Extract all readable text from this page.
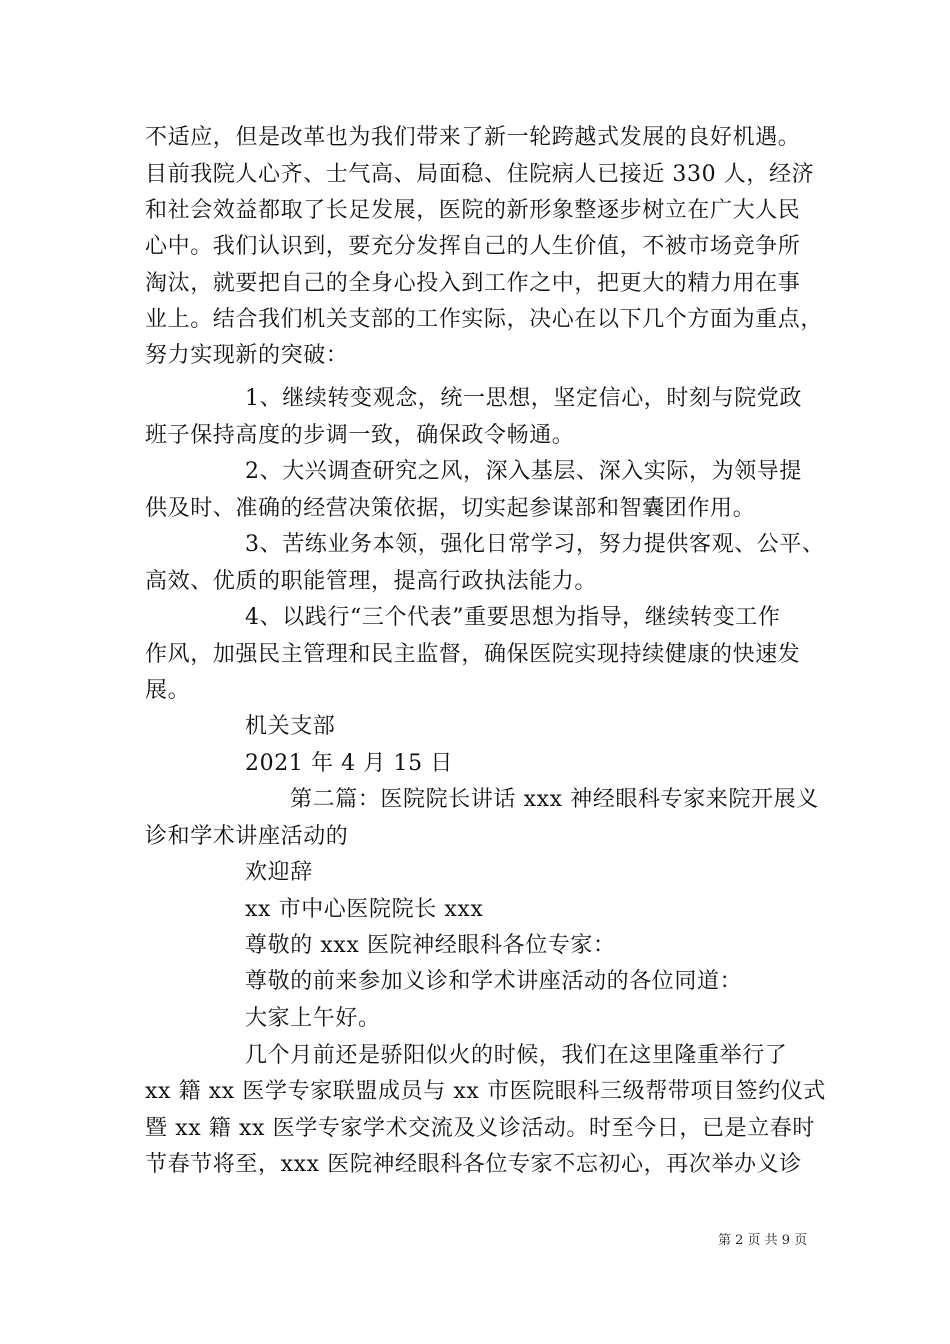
不适应，但是改革也为我们带来了新一轮跨越式发展的良好机遇。
目前我院人心齐、士气高、局面稳、住院病人已接近 330 人，经济
和社会效益都取了长足发展，医院的新形象整逐步树立在广大人民
心中。我们认识到，要充分发挥自己的人生价值，不被市场竞争所
淘汰，就要把自己的全身心投入到工作之中，把更大的精力用在事
业上。结合我们机关支部的工作实际，决心在以下几个方面为重点，
努力实现新的突破：
1、继续转变观念，统一思想，坚定信心，时刻与院党政
班子保持高度的步调一致，确保政令畅通。
2、大兴调查研究之风，深入基层、深入实际，为领导提
供及时、准确的经营决策依据，切实起参谋部和智囊团作用。
3、苦练业务本领，强化日常学习，努力提供客观、公平、
高效、优质的职能管理，提高行政执法能力。
4、以践行“三个代表”重要思想为指导，继续转变工作
作风，加强民主管理和民主监督，确保医院实现持续健康的快速发
展。
机关支部
2021 年 4 月 15 日
第二篇：医院院长讲话 xxx 神经眼科专家来院开展义
诊和学术讲座活动的
欢迎辞
xx 市中心医院院长 xxx
尊敬的 xxx 医院神经眼科各位专家：
尊敬的前来参加义诊和学术讲座活动的各位同道：
大家上午好。
几个月前还是骄阳似火的时候，我们在这里隆重举行了
xx 籍 xx 医学专家联盟成员与 xx 市医院眼科三级帮带项目签约仪式
暨 xx 籍 xx 医学专家学术交流及义诊活动。时至今日，已是立春时
节春节将至，xxx 医院神经眼科各位专家不忘初心，再次举办义诊
第 2 页 共 9 页
